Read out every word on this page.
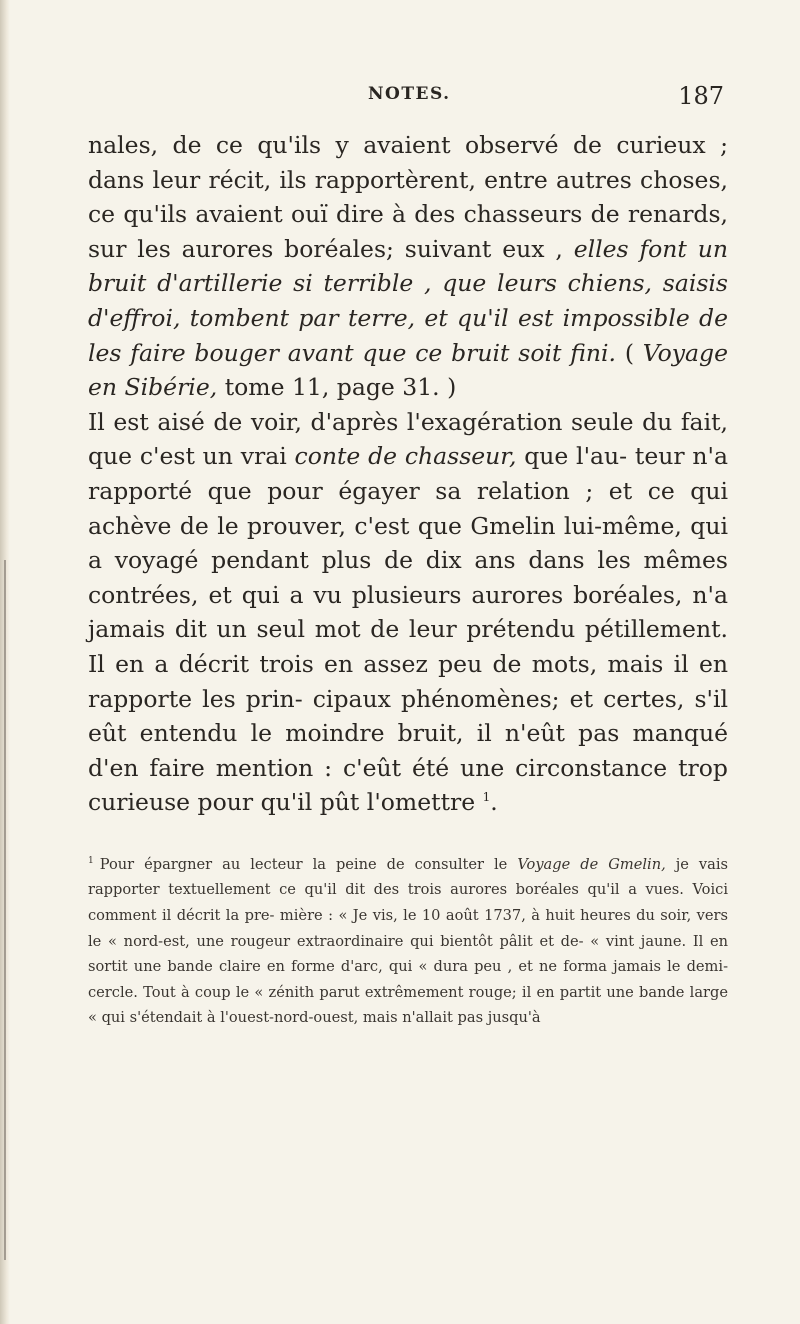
NOTES.	187

nales, de ce qu'ils y avaient observé de curieux ; dans leur récit, ils rapportèrent, entre autres choses, ce qu'ils avaient ouï dire à des chasseurs de renards, sur les aurores boréales; suivant eux , elles font un bruit d'artillerie si terrible , que leurs chiens, saisis d'effroi, tombent par terre, et qu'il est impossible de les faire bouger avant que ce bruit soit fini. ( Voyage en Sibérie, tome 11, page 31. )

Il est aisé de voir, d'après l'exagération seule du fait, que c'est un vrai conte de chasseur, que l'au- teur n'a rapporté que pour égayer sa relation ; et ce qui achève de le prouver, c'est que Gmelin lui-même, qui a voyagé pendant plus de dix ans dans les mêmes contrées, et qui a vu plusieurs aurores boréales, n'a jamais dit un seul mot de leur prétendu pétillement. Il en a décrit trois en assez peu de mots, mais il en rapporte les prin- cipaux phénomènes; et certes, s'il eût entendu le moindre bruit, il n'eût pas manqué d'en faire mention : c'eût été une circonstance trop curieuse pour qu'il pût l'omettre $^1$.

$^1$ Pour épargner au lecteur la peine de consulter le Voyage de Gmelin, je vais rapporter textuellement ce qu'il dit des trois aurores boréales qu'il a vues. Voici comment il décrit la pre- mière : « Je vis, le 10 août 1737, à huit heures du soir, vers le « nord-est, une rougeur extraordinaire qui bientôt pâlit et de- « vint jaune. Il en sortit une bande claire en forme d'arc, qui « dura peu , et ne forma jamais le demi-cercle. Tout à coup le « zénith parut extrêmement rouge; il en partit une bande large « qui s'étendait à l'ouest-nord-ouest, mais n'allait pas jusqu'à
